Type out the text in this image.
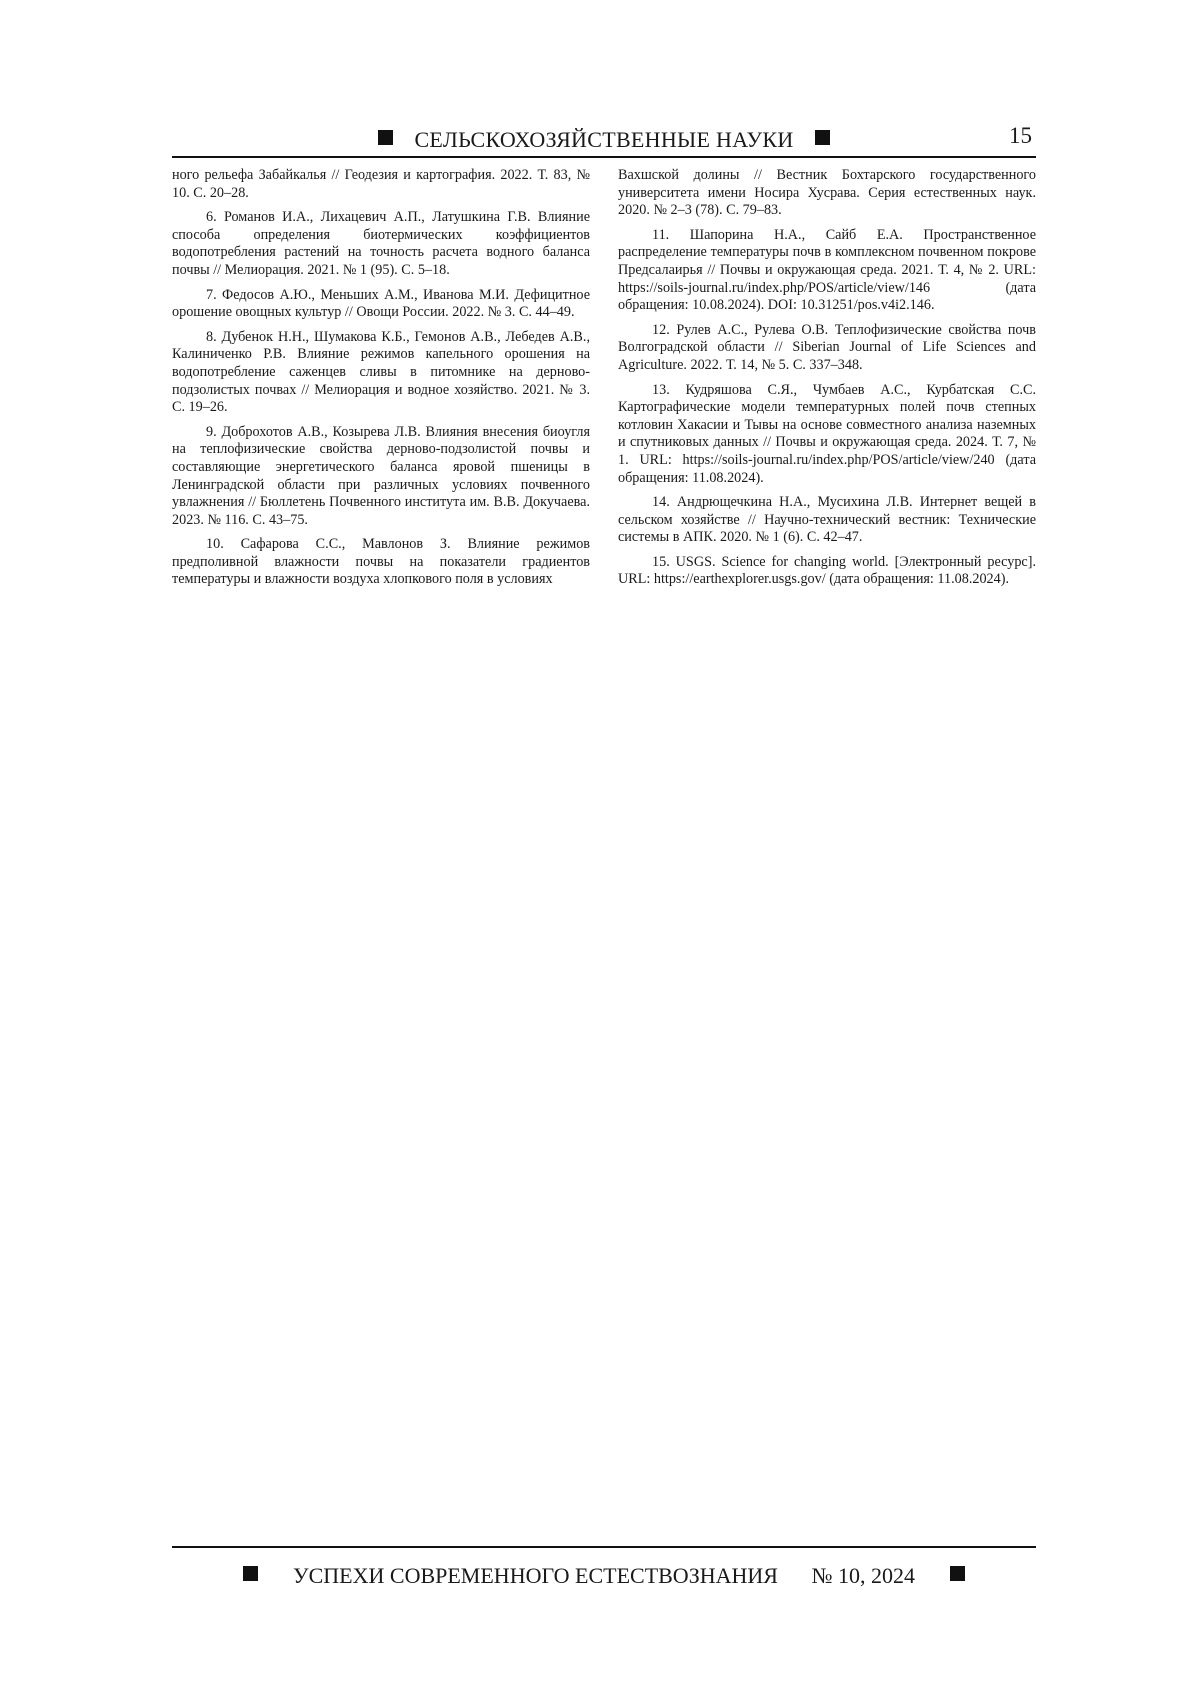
СЕЛЬСКОХОЗЯЙСТВЕННЫЕ НАУКИ	15

ного рельефа Забайкалья // Геодезия и картография. 2022. Т. 83, № 10. С. 20–28.

6. Романов И.А., Лихацевич А.П., Латушкина Г.В. Влияние способа определения биотермических коэффициентов водопотребления растений на точность расчета водного баланса почвы // Мелиорация. 2021. № 1 (95). С. 5–18.

7. Федосов А.Ю., Меньших А.М., Иванова М.И. Дефицитное орошение овощных культур // Овощи России. 2022. № 3. С. 44–49.

8. Дубенок Н.Н., Шумакова К.Б., Гемонов А.В., Лебедев А.В., Калиниченко Р.В. Влияние режимов капельного орошения на водопотребление саженцев сливы в питомнике на дерново-подзолистых почвах // Мелиорация и водное хозяйство. 2021. № 3. С. 19–26.

9. Доброхотов А.В., Козырева Л.В. Влияния внесения биоугля на теплофизические свойства дерново-подзолистой почвы и составляющие энергетического баланса яровой пшеницы в Ленинградской области при различных условиях почвенного увлажнения // Бюллетень Почвенного института им. В.В. Докучаева. 2023. № 116. С. 43–75.

10. Сафарова С.С., Мавлонов З. Влияние режимов предполивной влажности почвы на показатели градиентов температуры и влажности воздуха хлопкового поля в условиях

Вахшской долины // Вестник Бохтарского государственного университета имени Носира Хусрава. Серия естественных наук. 2020. № 2–3 (78). С. 79–83.

11. Шапорина Н.А., Сайб Е.А. Пространственное распределение температуры почв в комплексном почвенном покрове Предсалаирья // Почвы и окружающая среда. 2021. Т. 4, № 2. URL: https://soils-journal.ru/index.php/POS/article/view/146 (дата обращения: 10.08.2024). DOI: 10.31251/pos.v4i2.146.

12. Рулев А.С., Рулева О.В. Теплофизические свойства почв Волгоградской области // Siberian Journal of Life Sciences and Agriculture. 2022. Т. 14, № 5. С. 337–348.

13. Кудряшова С.Я., Чумбаев А.С., Курбатская С.С. Картографические модели температурных полей почв степных котловин Хакасии и Тывы на основе совместного анализа наземных и спутниковых данных // Почвы и окружающая среда. 2024. Т. 7, № 1. URL: https://soils-journal.ru/index.php/POS/article/view/240 (дата обращения: 11.08.2024).

14. Андрющечкина Н.А., Мусихина Л.В. Интернет вещей в сельском хозяйстве // Научно-технический вестник: Технические системы в АПК. 2020. № 1 (6). С. 42–47.

15. USGS. Science for changing world. [Электронный ресурс]. URL: https://earthexplorer.usgs.gov/ (дата обращения: 11.08.2024).

УСПЕХИ СОВРЕМЕННОГО ЕСТЕСТВОЗНАНИЯ № 10, 2024
